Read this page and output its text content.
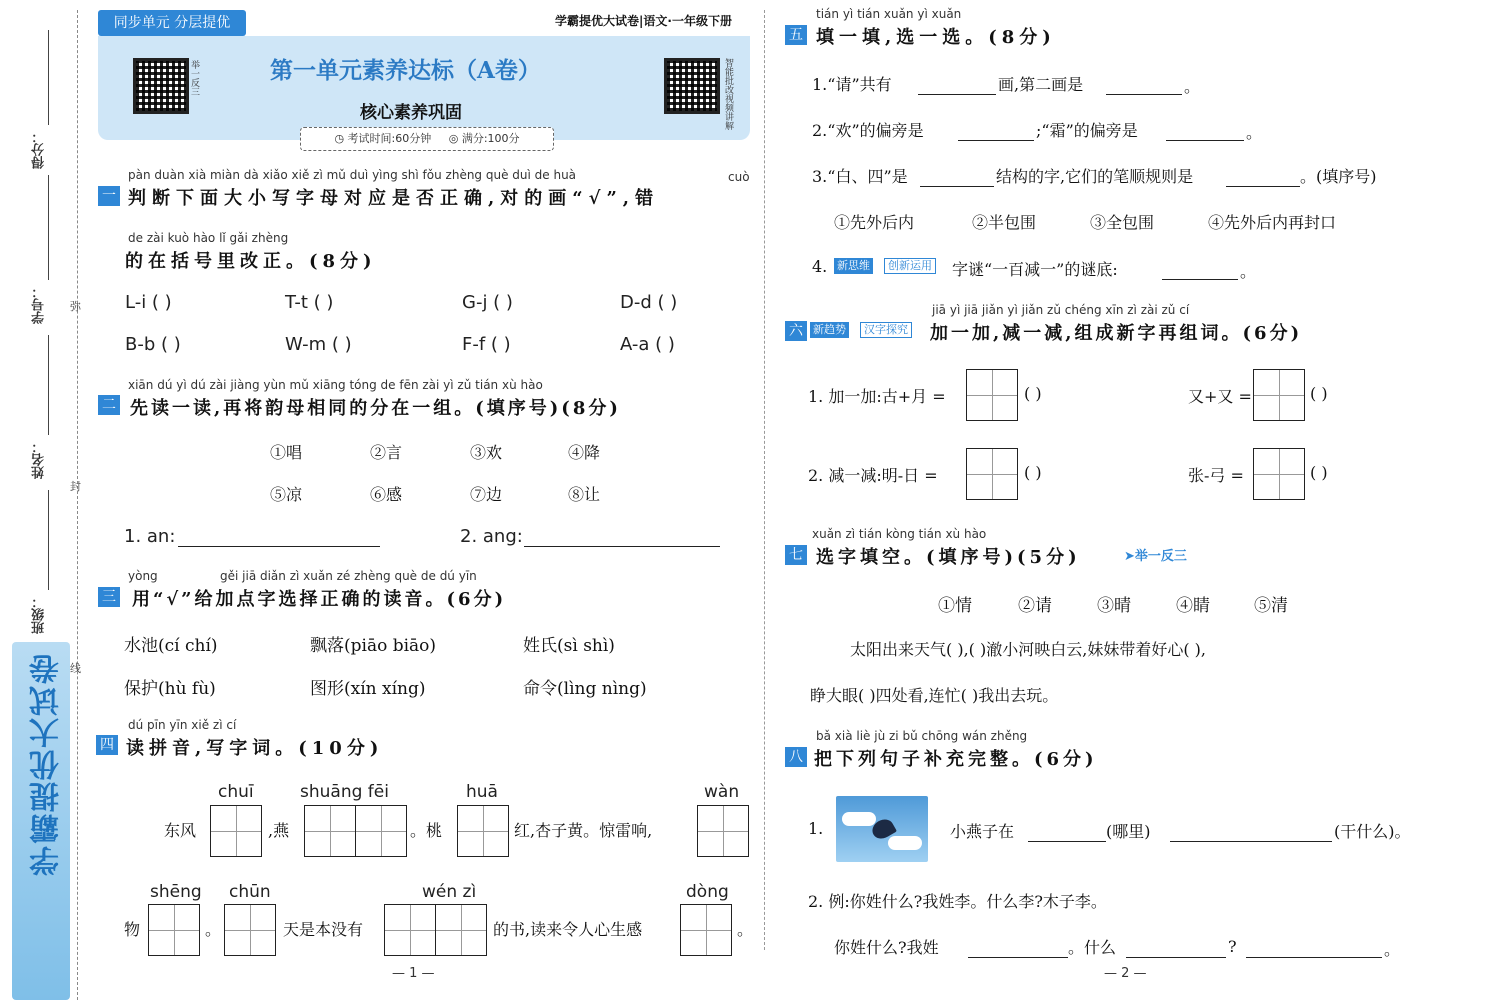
得分：
学号：
姓名：
班级：
弥
封
线
学霸提优大试卷
同步单元 分层提优	学霸提优大试卷|语文·一年级下册
举一反三	智能批改视频讲解
第一单元素养达标（A卷）
核心素养巩固
◷ 考试时间:60分钟 ◎ 满分:100分
pàn duàn xià miàn dà xiǎo xiě zì mǔ duì yìng shì fǒu zhèng què duì de huà	cuò
一 判断下面大小写字母对应是否正确,对的画“√”,错
de zài kuò hào lǐ gǎi zhèng
的在括号里改正。(8分)
L-i ( )	T-t ( )	G-j ( )	D-d ( )
B-b ( )	W-m ( )	F-f ( )	A-a ( )
xiān dú yì dú zài jiàng yùn mǔ xiāng tóng de fēn zài yì zǔ tián xù hào
二 先读一读,再将韵母相同的分在一组。(填序号)(8分)
①唱	②言	③欢	④降
⑤凉	⑥感	⑦边	⑧让
1. an:	2. ang:
yòng	gěi jiā diǎn zì xuǎn zé zhèng què de dú yīn
三 用“√”给加点字选择正确的读音。(6分)
水池(cí chí)	飘落(piāo biāo)	姓氏(sì shì)
保护(hù fù)	图形(xín xíng)	命令(lìng nìng)
dú pīn yīn xiě zì cí
四 读拼音,写字词。(10分)
chuī	shuāng fēi	huā	wàn
东风	,燕	。桃	红,杏子黄。惊雷响,
shēng chūn	wén zì	dòng
物	。	天是本没有	的书,读来令人心生感	。
— 1 —
tián yì tián xuǎn yì xuǎn
五 填一填,选一选。(8分)
1.“请”共有	画,第二画是	。
2.“欢”的偏旁是	;“霜”的偏旁是	。
3.“白、四”是	结构的字,它们的笔顺规则是	。(填序号)
①先外后内	②半包围	③全包围	④先外后内再封口
4. 新思维	创新运用 字谜“一百减一”的谜底:	。
jiā yì jiā jiǎn yì jiǎn zǔ chéng xīn zì zài zǔ cí
六 新趋势	汉字探究 加一加,减一减,组成新字再组词。(6分)
1. 加一加:古+月 =	( )	又+又 =	( )
2. 减一减:明-日 =	( )	张-弓 =	( )
xuǎn zì tián kòng tián xù hào
七 选字填空。(填序号)(5分)	➤举一反三
①情	②请	③晴	④睛	⑤清
太阳出来天气( ),( )澈小河映白云,妹妹带着好心( ),
睁大眼( )四处看,连忙( )我出去玩。
bǎ xià liè jù zi bǔ chōng wán zhěng
八 把下列句子补充完整。(6分)
1.	小燕子在	(哪里)	(干什么)。
2. 例:你姓什么?我姓李。什么李?木子李。
你姓什么?我姓	。什么	?	。
— 2 —
